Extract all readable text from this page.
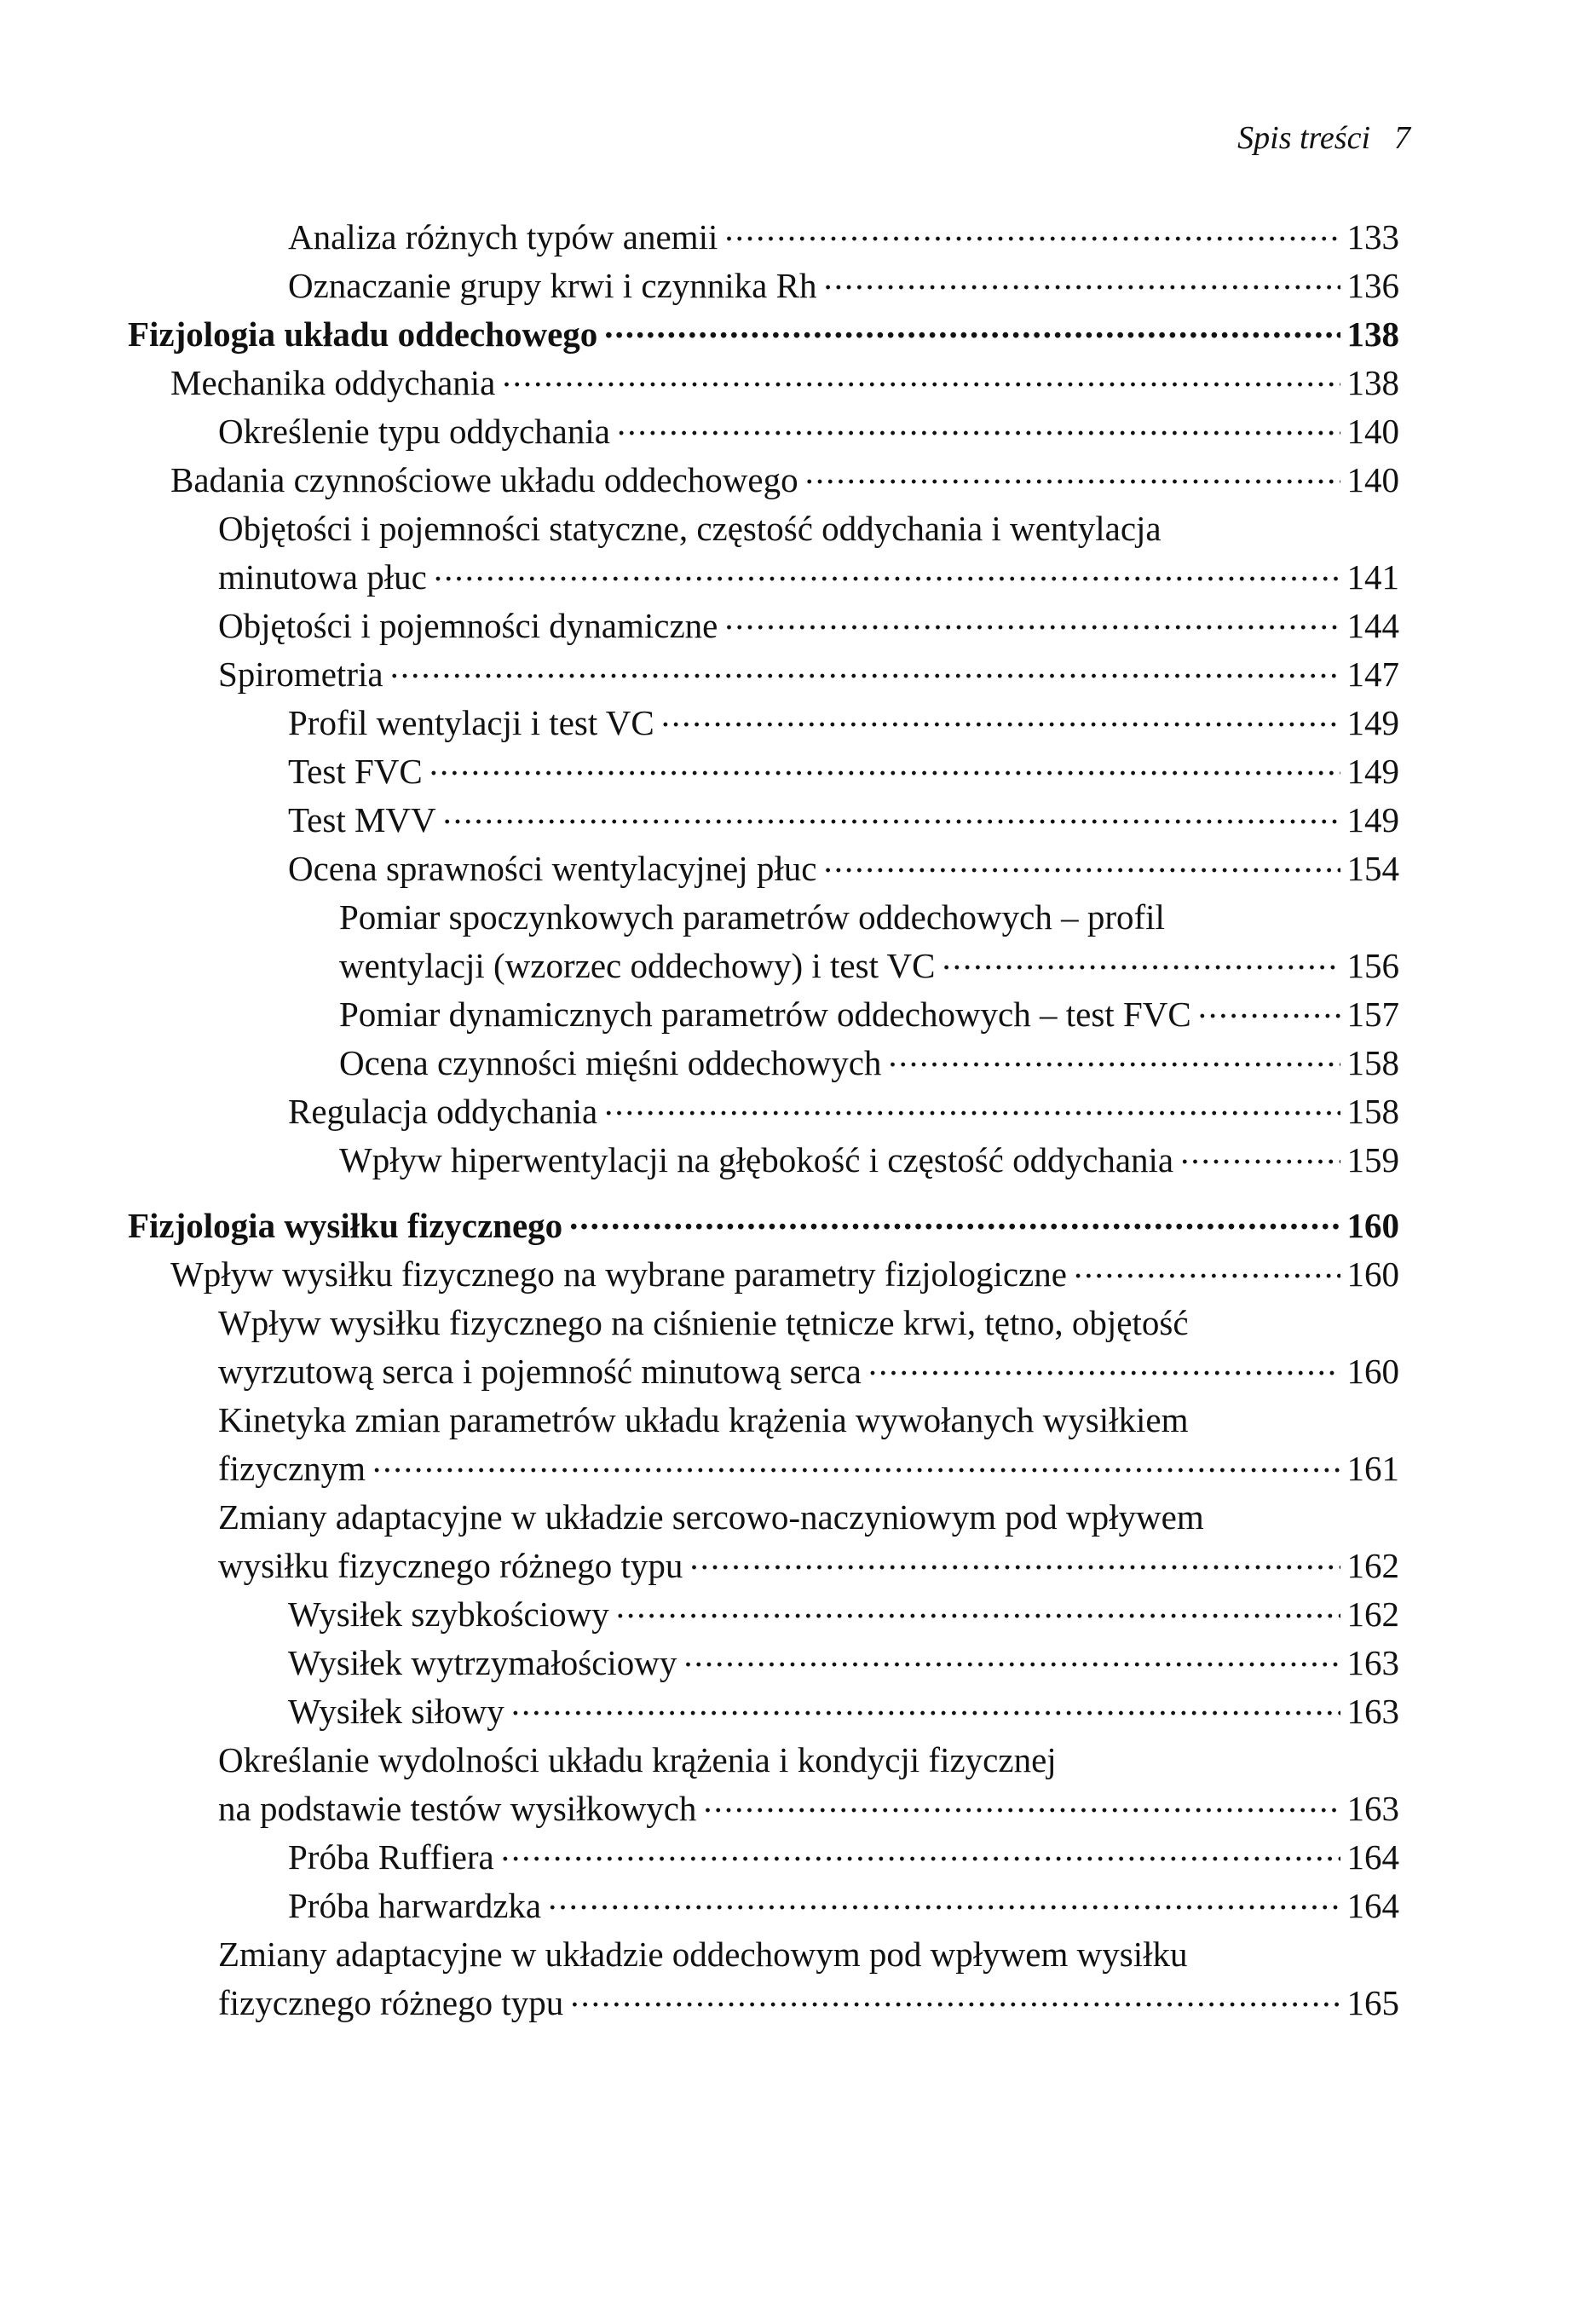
Spis treści 7
Analiza różnych typów anemii .....	133
Oznaczanie grupy krwi i czynnika Rh .....	136
Fizjologia układu oddechowego .....	138
Mechanika oddychania .....	138
Określenie typu oddychania .....	140
Badania czynnościowe układu oddechowego .....	140
Objętości i pojemności statyczne, częstość oddychania i wentylacja
minutowa płuc .....	141
Objętości i pojemności dynamiczne .....	144
Spirometria .....	147
Profil wentylacji i test VC .....	149
Test FVC .....	149
Test MVV .....	149
Ocena sprawności wentylacyjnej płuc .....	154
Pomiar spoczynkowych parametrów oddechowych – profil
wentylacji (wzorzec oddechowy) i test VC .....	156
Pomiar dynamicznych parametrów oddechowych – test FVC .....	157
Ocena czynności mięśni oddechowych .....	158
Regulacja oddychania .....	158
Wpływ hiperwentylacji na głębokość i częstość oddychania .....	159
Fizjologia wysiłku fizycznego .....	160
Wpływ wysiłku fizycznego na wybrane parametry fizjologiczne .....	160
Wpływ wysiłku fizycznego na ciśnienie tętnicze krwi, tętno, objętość
wyrzutową serca i pojemność minutową serca .....	160
Kinetyka zmian parametrów układu krążenia wywołanych wysiłkiem
fizycznym .....	161
Zmiany adaptacyjne w układzie sercowo-naczyniowym pod wpływem
wysiłku fizycznego różnego typu .....	162
Wysiłek szybkościowy .....	162
Wysiłek wytrzymałościowy .....	163
Wysiłek siłowy .....	163
Określanie wydolności układu krążenia i kondycji fizycznej
na podstawie testów wysiłkowych .....	163
Próba Ruffiera .....	164
Próba harwardzka .....	164
Zmiany adaptacyjne w układzie oddechowym pod wpływem wysiłku
fizycznego różnego typu .....	165
